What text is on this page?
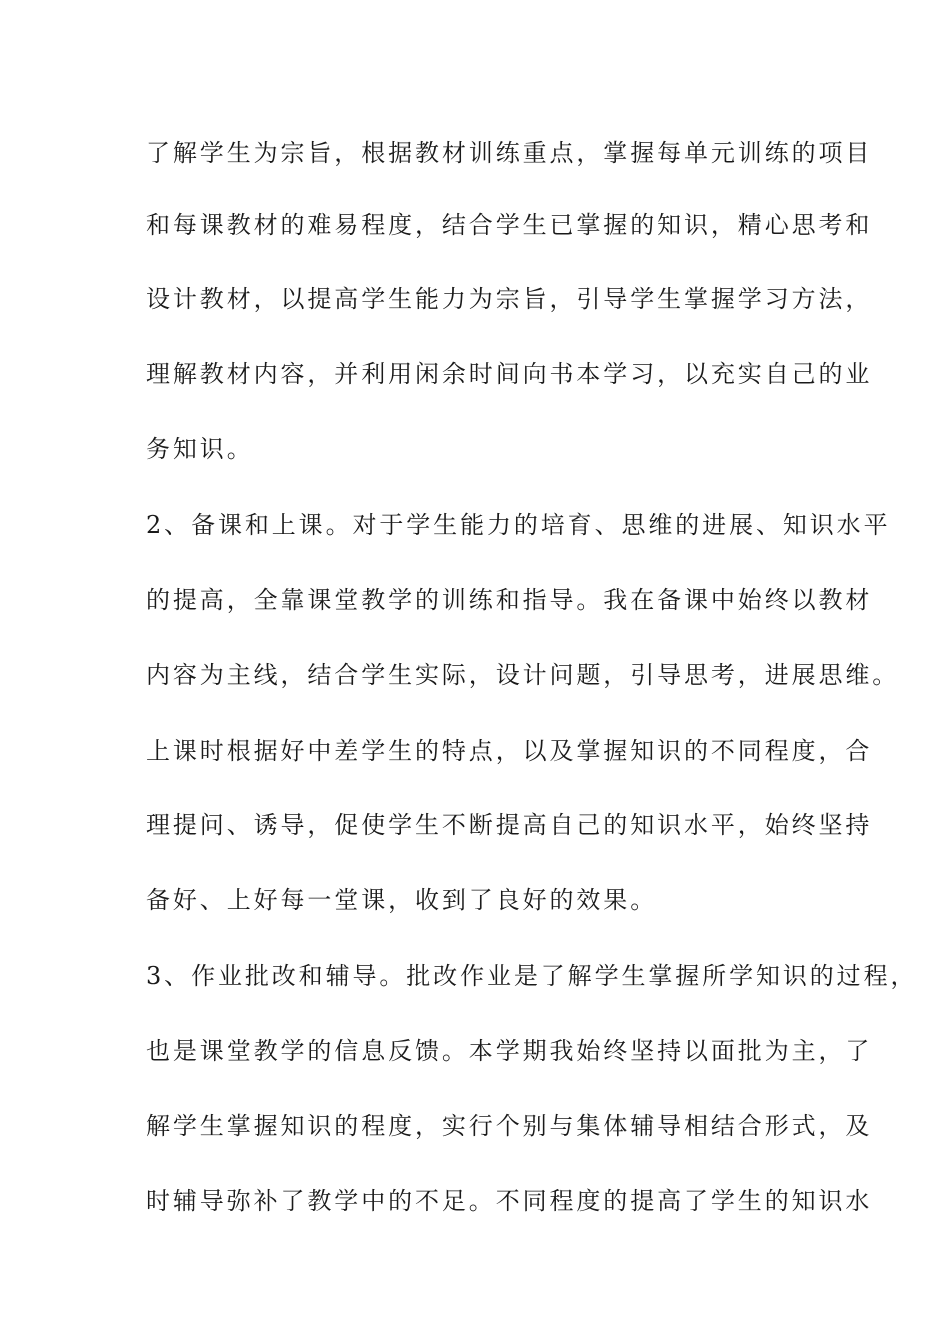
了解学生为宗旨，根据教材训练重点，掌握每单元训练的项目
和每课教材的难易程度，结合学生已掌握的知识，精心思考和
设计教材，以提高学生能力为宗旨，引导学生掌握学习方法，
理解教材内容，并利用闲余时间向书本学习，以充实自己的业
务知识。
2、备课和上课。对于学生能力的培育、思维的进展、知识水平
的提高，全靠课堂教学的训练和指导。我在备课中始终以教材
内容为主线，结合学生实际，设计问题，引导思考，进展思维。
上课时根据好中差学生的特点，以及掌握知识的不同程度，合
理提问、诱导，促使学生不断提高自己的知识水平，始终坚持
备好、上好每一堂课，收到了良好的效果。
3、作业批改和辅导。批改作业是了解学生掌握所学知识的过程，
也是课堂教学的信息反馈。本学期我始终坚持以面批为主，了
解学生掌握知识的程度，实行个别与集体辅导相结合形式，及
时辅导弥补了教学中的不足。不同程度的提高了学生的知识水
